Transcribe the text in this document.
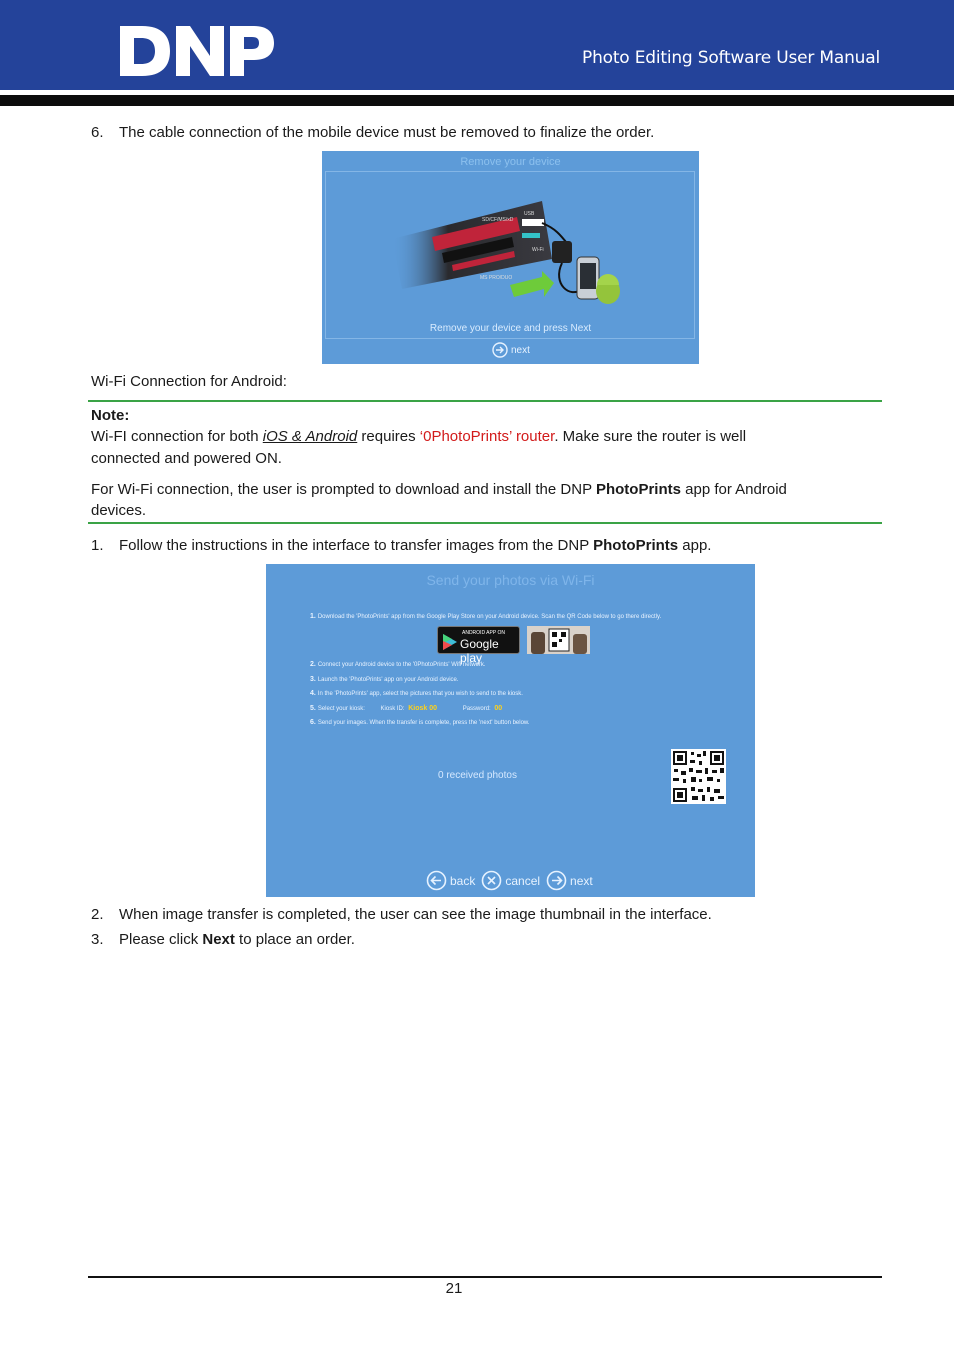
Photo Editing Software User Manual
6. The cable connection of the mobile device must be removed to finalize the order.
Remove your device
SD/CF/MS/xD
USB
MS PRO/DUO
Wi-Fi
Remove your device and press Next
next
Wi-Fi Connection for Android:
Note:
Wi-FI connection for both iOS & Android requires ‘0PhotoPrints’ router. Make sure the router is well
connected and powered ON.
For Wi-Fi connection, the user is prompted to download and install the DNP PhotoPrints app for Android
devices.
1. Follow the instructions in the interface to transfer images from the DNP PhotoPrints app.
Send your photos via Wi-Fi
1. Download the 'PhotoPrints' app from the Google Play Store on your Android device. Scan the QR Code below to go there directly.
ANDROID APP ON
Google play
2. Connect your Android device to the '0PhotoPrints' Wifi network.
3. Launch the 'PhotoPrints' app on your Android device.
4. In the 'PhotoPrints' app, select the pictures that you wish to send to the kiosk.
5. Select your kiosk:	Kiosk ID: Kiosk 00	Password: 00
6. Send your images. When the transfer is complete, press the 'next' button below.
0 received photos
back	cancel	next
2. When image transfer is completed, the user can see the image thumbnail in the interface.
3. Please click Next to place an order.
21
